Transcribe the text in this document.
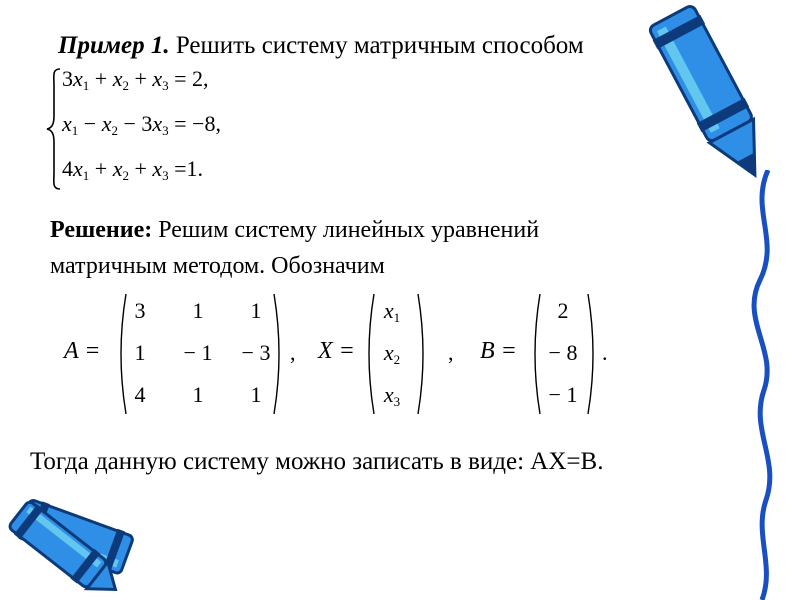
Пример 1. Решить систему матричным способом
$3x_1 + x_2 + x_3 = 2$,
$x_1 - x_2 - 3x_3 = -8$,
$4x_1 + x_2 + x_3 =1$.
Решение: Решим систему линейных уравнений
матричным методом. Обозначим
A =
3	1	1
1	− 1	− 3
4	1	1
, X =
$x_1$
$x_2$
$x_3$
, B =
2
− 8
− 1
.
Тогда данную систему можно записать в виде: АХ=В.
